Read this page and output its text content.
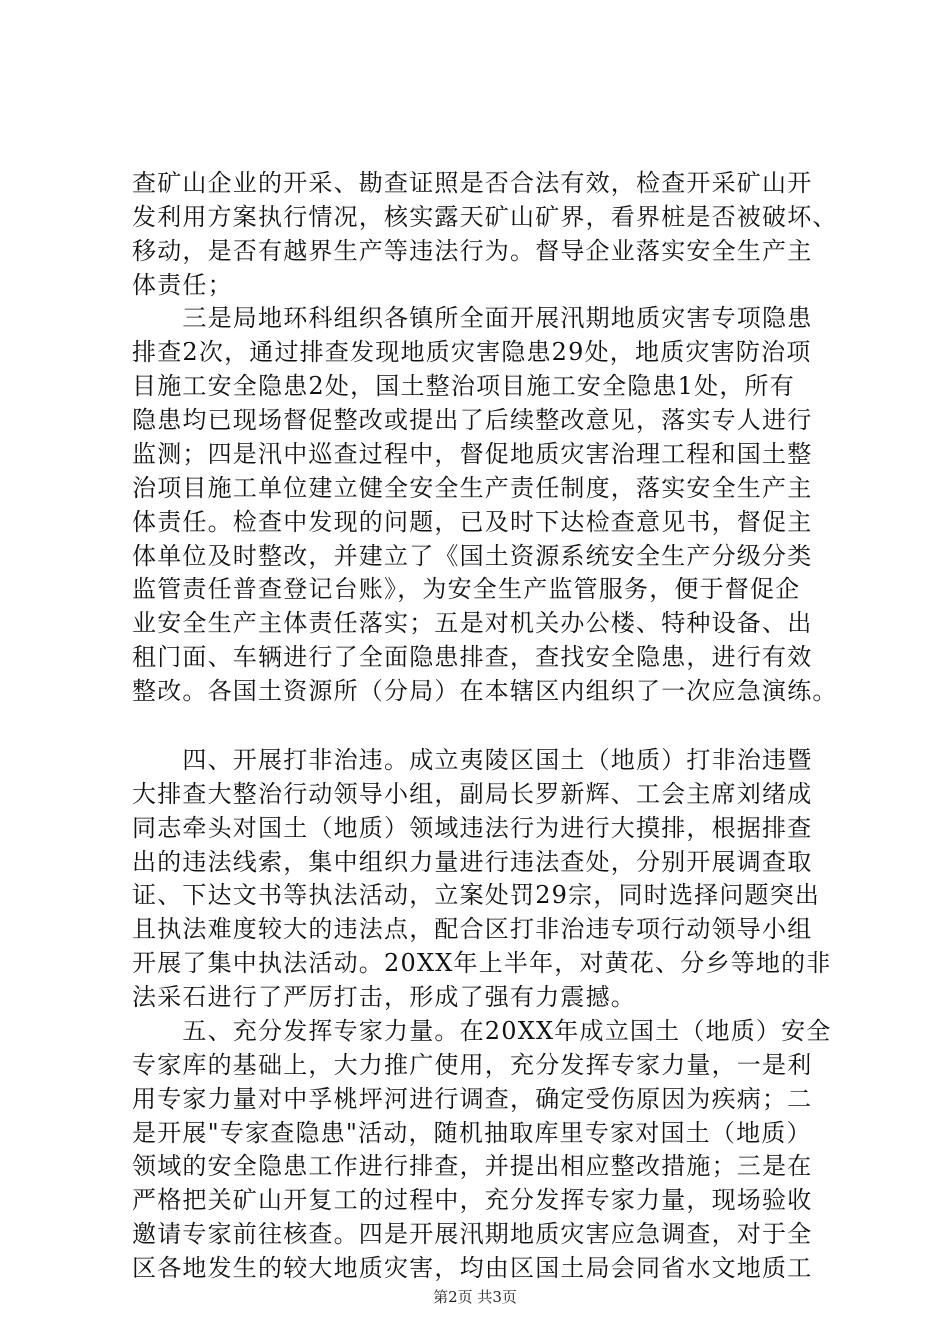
查矿山企业的开采、勘查证照是否合法有效，检查开采矿山开
发利用方案执行情况，核实露天矿山矿界，看界桩是否被破坏、
移动，是否有越界生产等违法行为。督导企业落实安全生产主
体责任；
　　三是局地环科组织各镇所全面开展汛期地质灾害专项隐患
排查2次，通过排查发现地质灾害隐患29处，地质灾害防治项
目施工安全隐患2处，国土整治项目施工安全隐患1处，所有
隐患均已现场督促整改或提出了后续整改意见，落实专人进行
监测；四是汛中巡查过程中，督促地质灾害治理工程和国土整
治项目施工单位建立健全安全生产责任制度，落实安全生产主
体责任。检查中发现的问题，已及时下达检查意见书，督促主
体单位及时整改，并建立了《国土资源系统安全生产分级分类
监管责任普查登记台账》，为安全生产监管服务，便于督促企
业安全生产主体责任落实；五是对机关办公楼、特种设备、出
租门面、车辆进行了全面隐患排查，查找安全隐患，进行有效
整改。各国土资源所（分局）在本辖区内组织了一次应急演练。
　　四、开展打非治违。成立夷陵区国土（地质）打非治违暨
大排查大整治行动领导小组，副局长罗新辉、工会主席刘绪成
同志牵头对国土（地质）领域违法行为进行大摸排，根据排查
出的违法线索，集中组织力量进行违法查处，分别开展调查取
证、下达文书等执法活动，立案处罚29宗，同时选择问题突出
且执法难度较大的违法点，配合区打非治违专项行动领导小组
开展了集中执法活动。20XX年上半年，对黄花、分乡等地的非
法采石进行了严厉打击，形成了强有力震撼。
　　五、充分发挥专家力量。在20XX年成立国土（地质）安全
专家库的基础上，大力推广使用，充分发挥专家力量，一是利
用专家力量对中孚桃坪河进行调查，确定受伤原因为疾病；二
是开展"专家查隐患"活动，随机抽取库里专家对国土（地质）
领域的安全隐患工作进行排查，并提出相应整改措施；三是在
严格把关矿山开复工的过程中，充分发挥专家力量，现场验收
邀请专家前往核查。四是开展汛期地质灾害应急调查，对于全
区各地发生的较大地质灾害，均由区国土局会同省水文地质工
第2页 共3页
